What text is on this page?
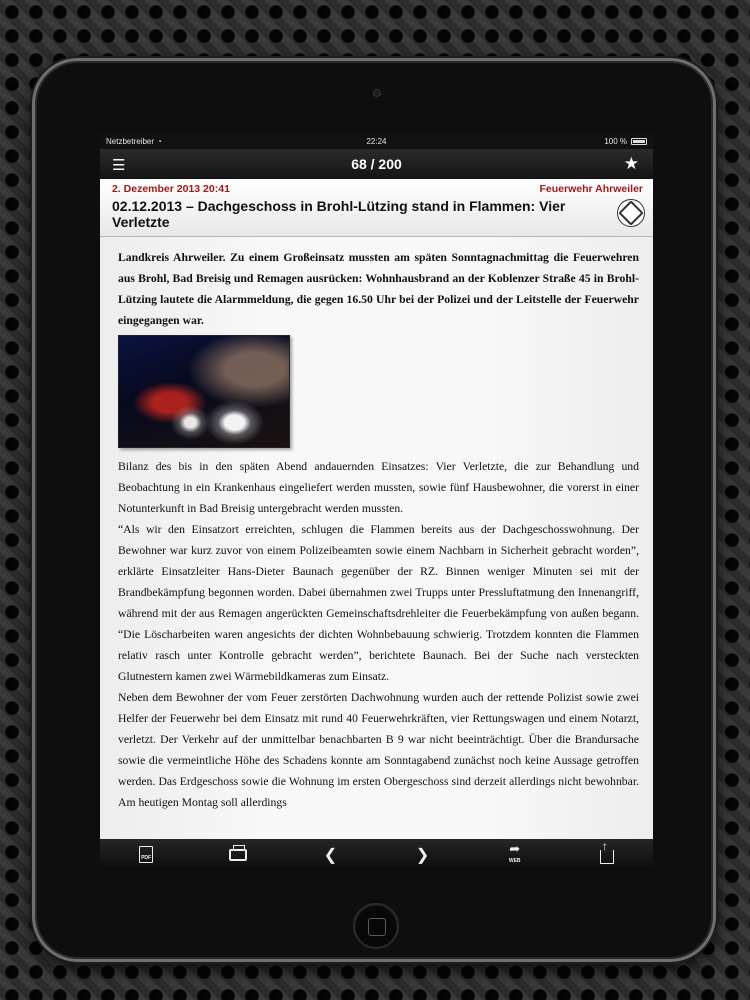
Netzbetreiber ◔	22:24	100 %
☰	68 / 200	★
2. Dezember 2013 20:41	Feuerwehr Ahrweiler
02.12.2013 – Dachgeschoss in Brohl-Lützing stand in Flammen: Vier Verletzte

Landkreis Ahrweiler. Zu einem Großeinsatz mussten am späten Sonntagnachmittag die Feuerwehren aus Brohl, Bad Breisig und Remagen ausrücken: Wohnhausbrand an der Koblenzer Straße 45 in Brohl-Lützing lautete die Alarmmeldung, die gegen 16.50 Uhr bei der Polizei und der Leitstelle der Feuerwehr eingegangen war.

Bilanz des bis in den späten Abend andauernden Einsatzes: Vier Verletzte, die zur Behandlung und Beobachtung in ein Krankenhaus eingeliefert werden mussten, sowie fünf Hausbewohner, die vorerst in einer Notunterkunft in Bad Breisig untergebracht werden mussten.

“Als wir den Einsatzort erreichten, schlugen die Flammen bereits aus der Dachgeschosswohnung. Der Bewohner war kurz zuvor von einem Polizeibeamten sowie einem Nachbarn in Sicherheit gebracht worden”, erklärte Einsatzleiter Hans-Dieter Baunach gegenüber der RZ. Binnen weniger Minuten sei mit der Brandbekämpfung begonnen worden. Dabei übernahmen zwei Trupps unter Pressluftatmung den Innenangriff, während mit der aus Remagen angerückten Gemeinschaftsdrehleiter die Feuerbekämpfung von außen begann. “Die Löscharbeiten waren angesichts der dichten Wohnbebauung schwierig. Trotzdem konnten die Flammen relativ rasch unter Kontrolle gebracht werden”, berichtete Baunach. Bei der Suche nach versteckten Glutnestern kamen zwei Wärmebildkameras zum Einsatz.

Neben dem Bewohner der vom Feuer zerstörten Dachwohnung wurden auch der rettende Polizist sowie zwei Helfer der Feuerwehr bei dem Einsatz mit rund 40 Feuerwehrkräften, vier Rettungswagen und einem Notarzt, verletzt. Der Verkehr auf der unmittelbar benachbarten B 9 war nicht beeinträchtigt. Über die Brandursache sowie die vermeintliche Höhe des Schadens konnte am Sonntagabend zunächst noch keine Aussage getroffen werden. Das Erdgeschoss sowie die Wohnung im ersten Obergeschoss sind derzeit allerdings nicht bewohnbar. Am heutigen Montag soll allerdings

PDF	❮	❯	➦
WEB
↑
